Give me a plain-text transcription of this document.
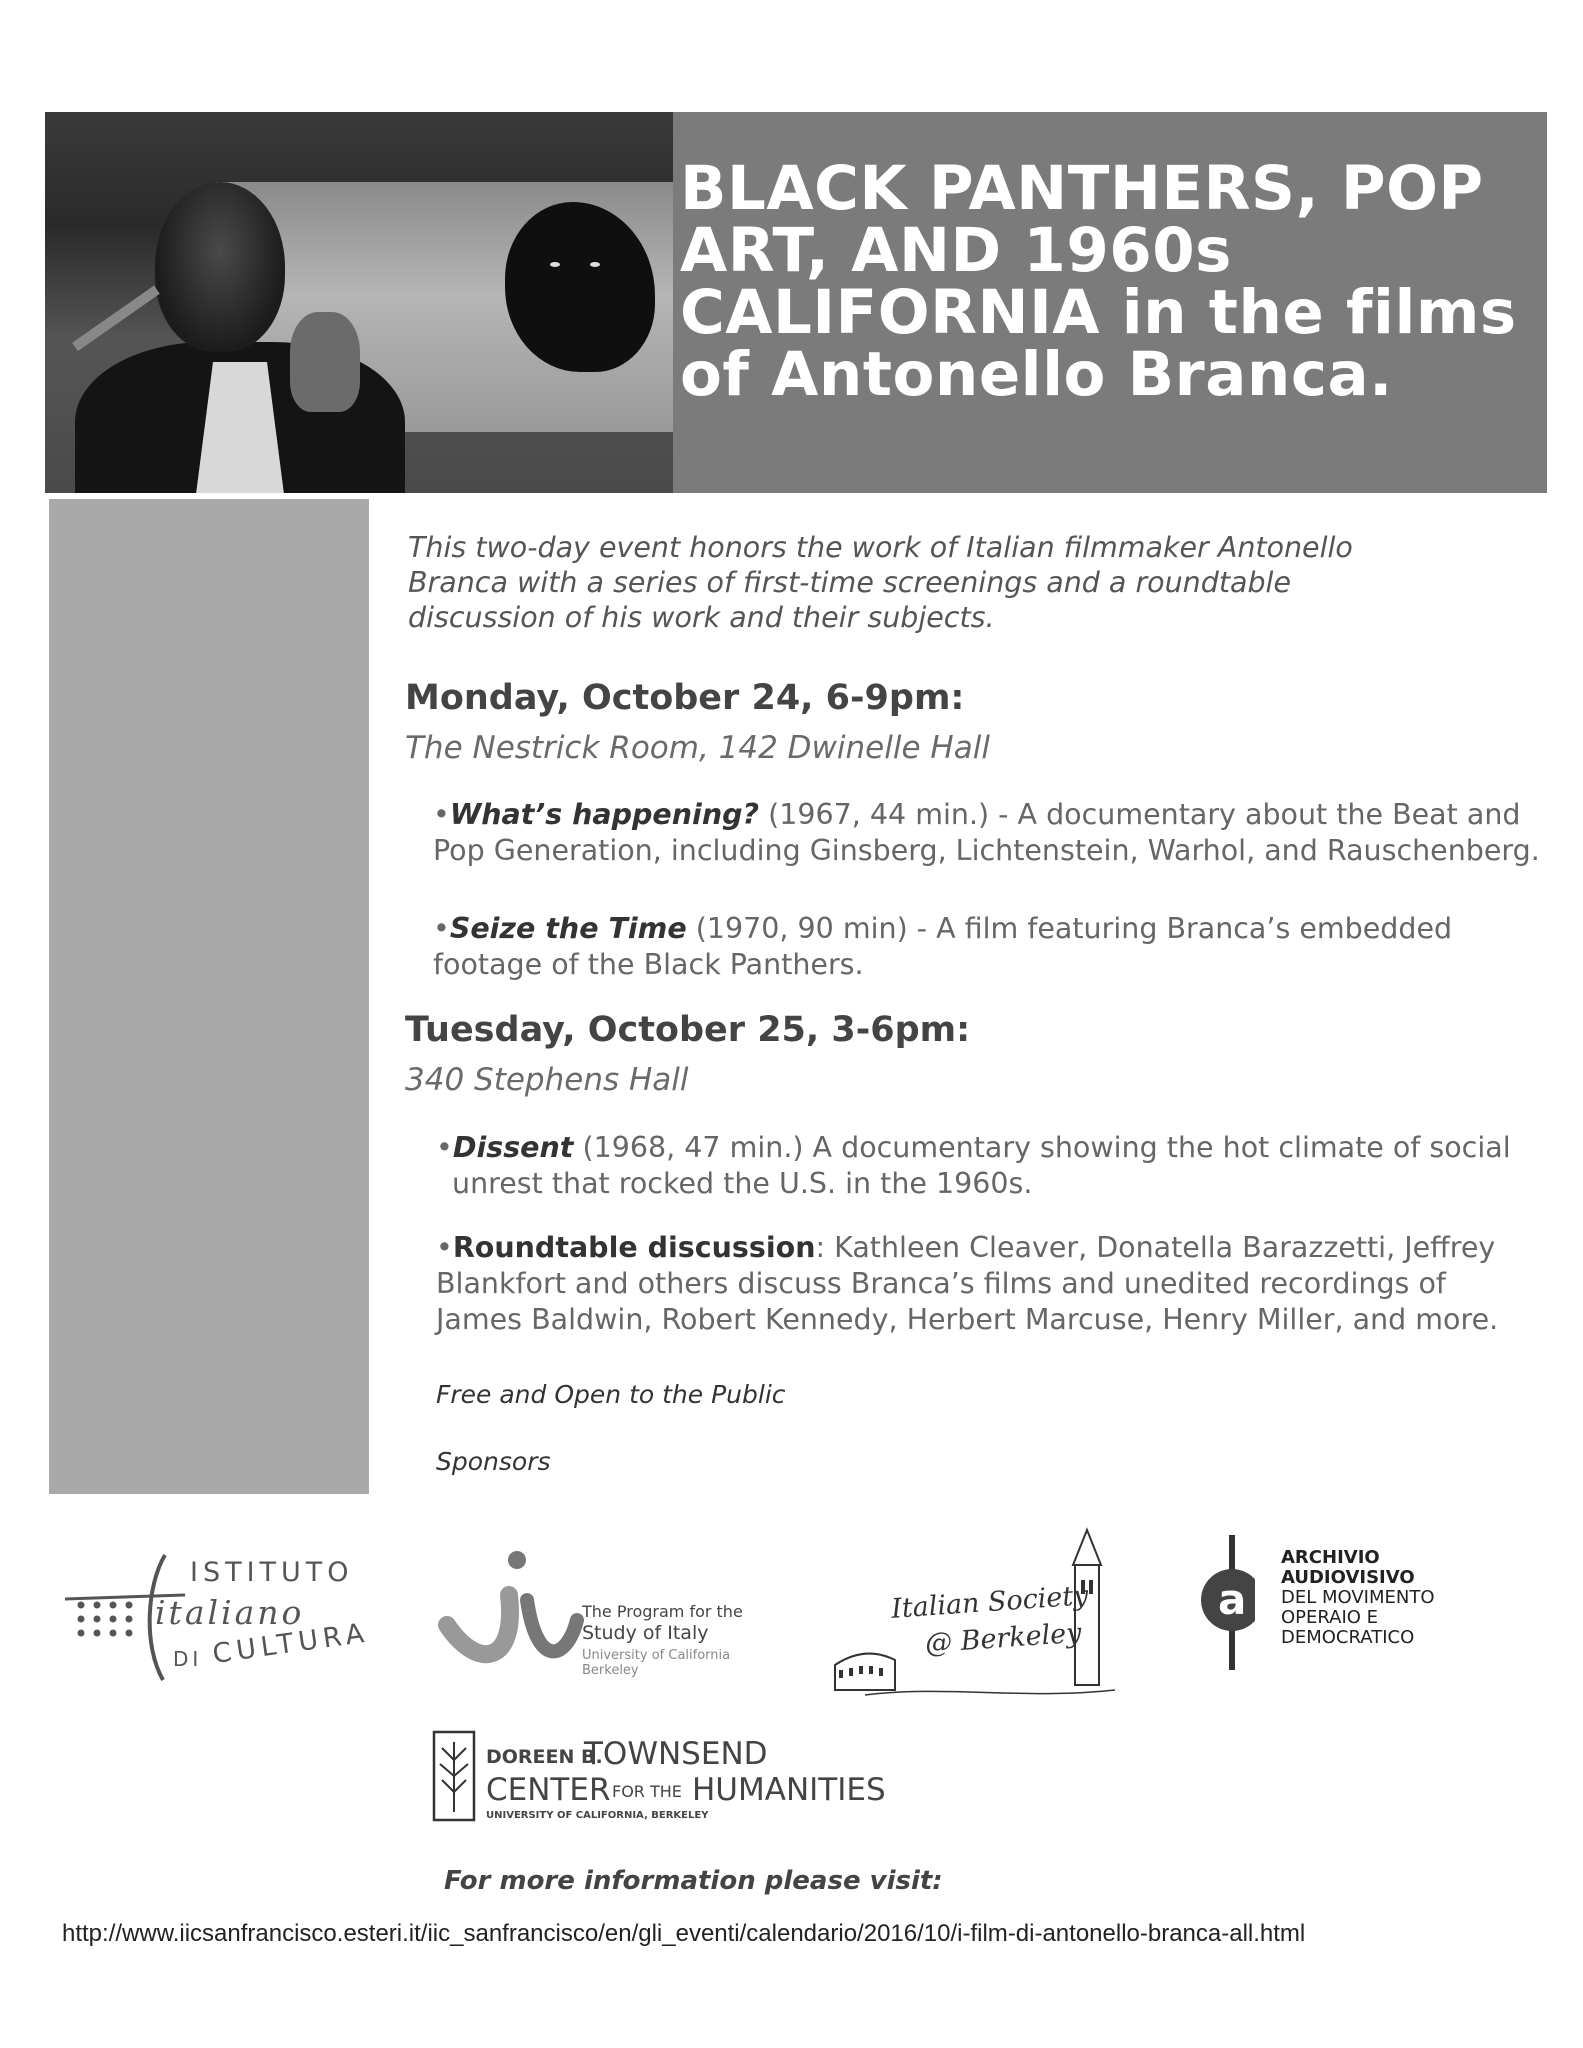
BLACK PANTHERS, POP
ART, AND 1960s
CALIFORNIA in the films
of Antonello Branca.
This two-day event honors the work of Italian filmmaker Antonello
Branca with a series of first-time screenings and a roundtable
discussion of his work and their subjects.
Monday, October 24, 6-9pm:
The Nestrick Room, 142 Dwinelle Hall
•What’s happening? (1967, 44 min.) - A documentary about the Beat and
Pop Generation, including Ginsberg, Lichtenstein, Warhol, and Rauschenberg.
•Seize the Time (1970, 90 min) - A film featuring Branca’s embedded
footage of the Black Panthers.
Tuesday, October 25, 3-6pm:
340 Stephens Hall
•Dissent (1968, 47 min.) A documentary showing the hot climate of social
unrest that rocked the U.S. in the 1960s.
•Roundtable discussion: Kathleen Cleaver, Donatella Barazzetti, Jeffrey
Blankfort and others discuss Branca’s films and unedited recordings of
James Baldwin, Robert Kennedy, Herbert Marcuse, Henry Miller, and more.
Free and Open to the Public
Sponsors
ISTITUTO
italiano
DI CULTURA
The Program for the
Study of Italy
University of California
Berkeley
Italian Society
@ Berkeley
a
ARCHIVIO
AUDIOVISIVO
DEL MOVIMENTO
OPERAIO E
DEMOCRATICO
DOREEN B.
TOWNSEND
CENTER FOR THE HUMANITIES
UNIVERSITY OF CALIFORNIA, BERKELEY
For more information please visit:
http://www.iicsanfrancisco.esteri.it/iic_sanfrancisco/en/gli_eventi/calendario/2016/10/i-film-di-antonello-branca-all.html
